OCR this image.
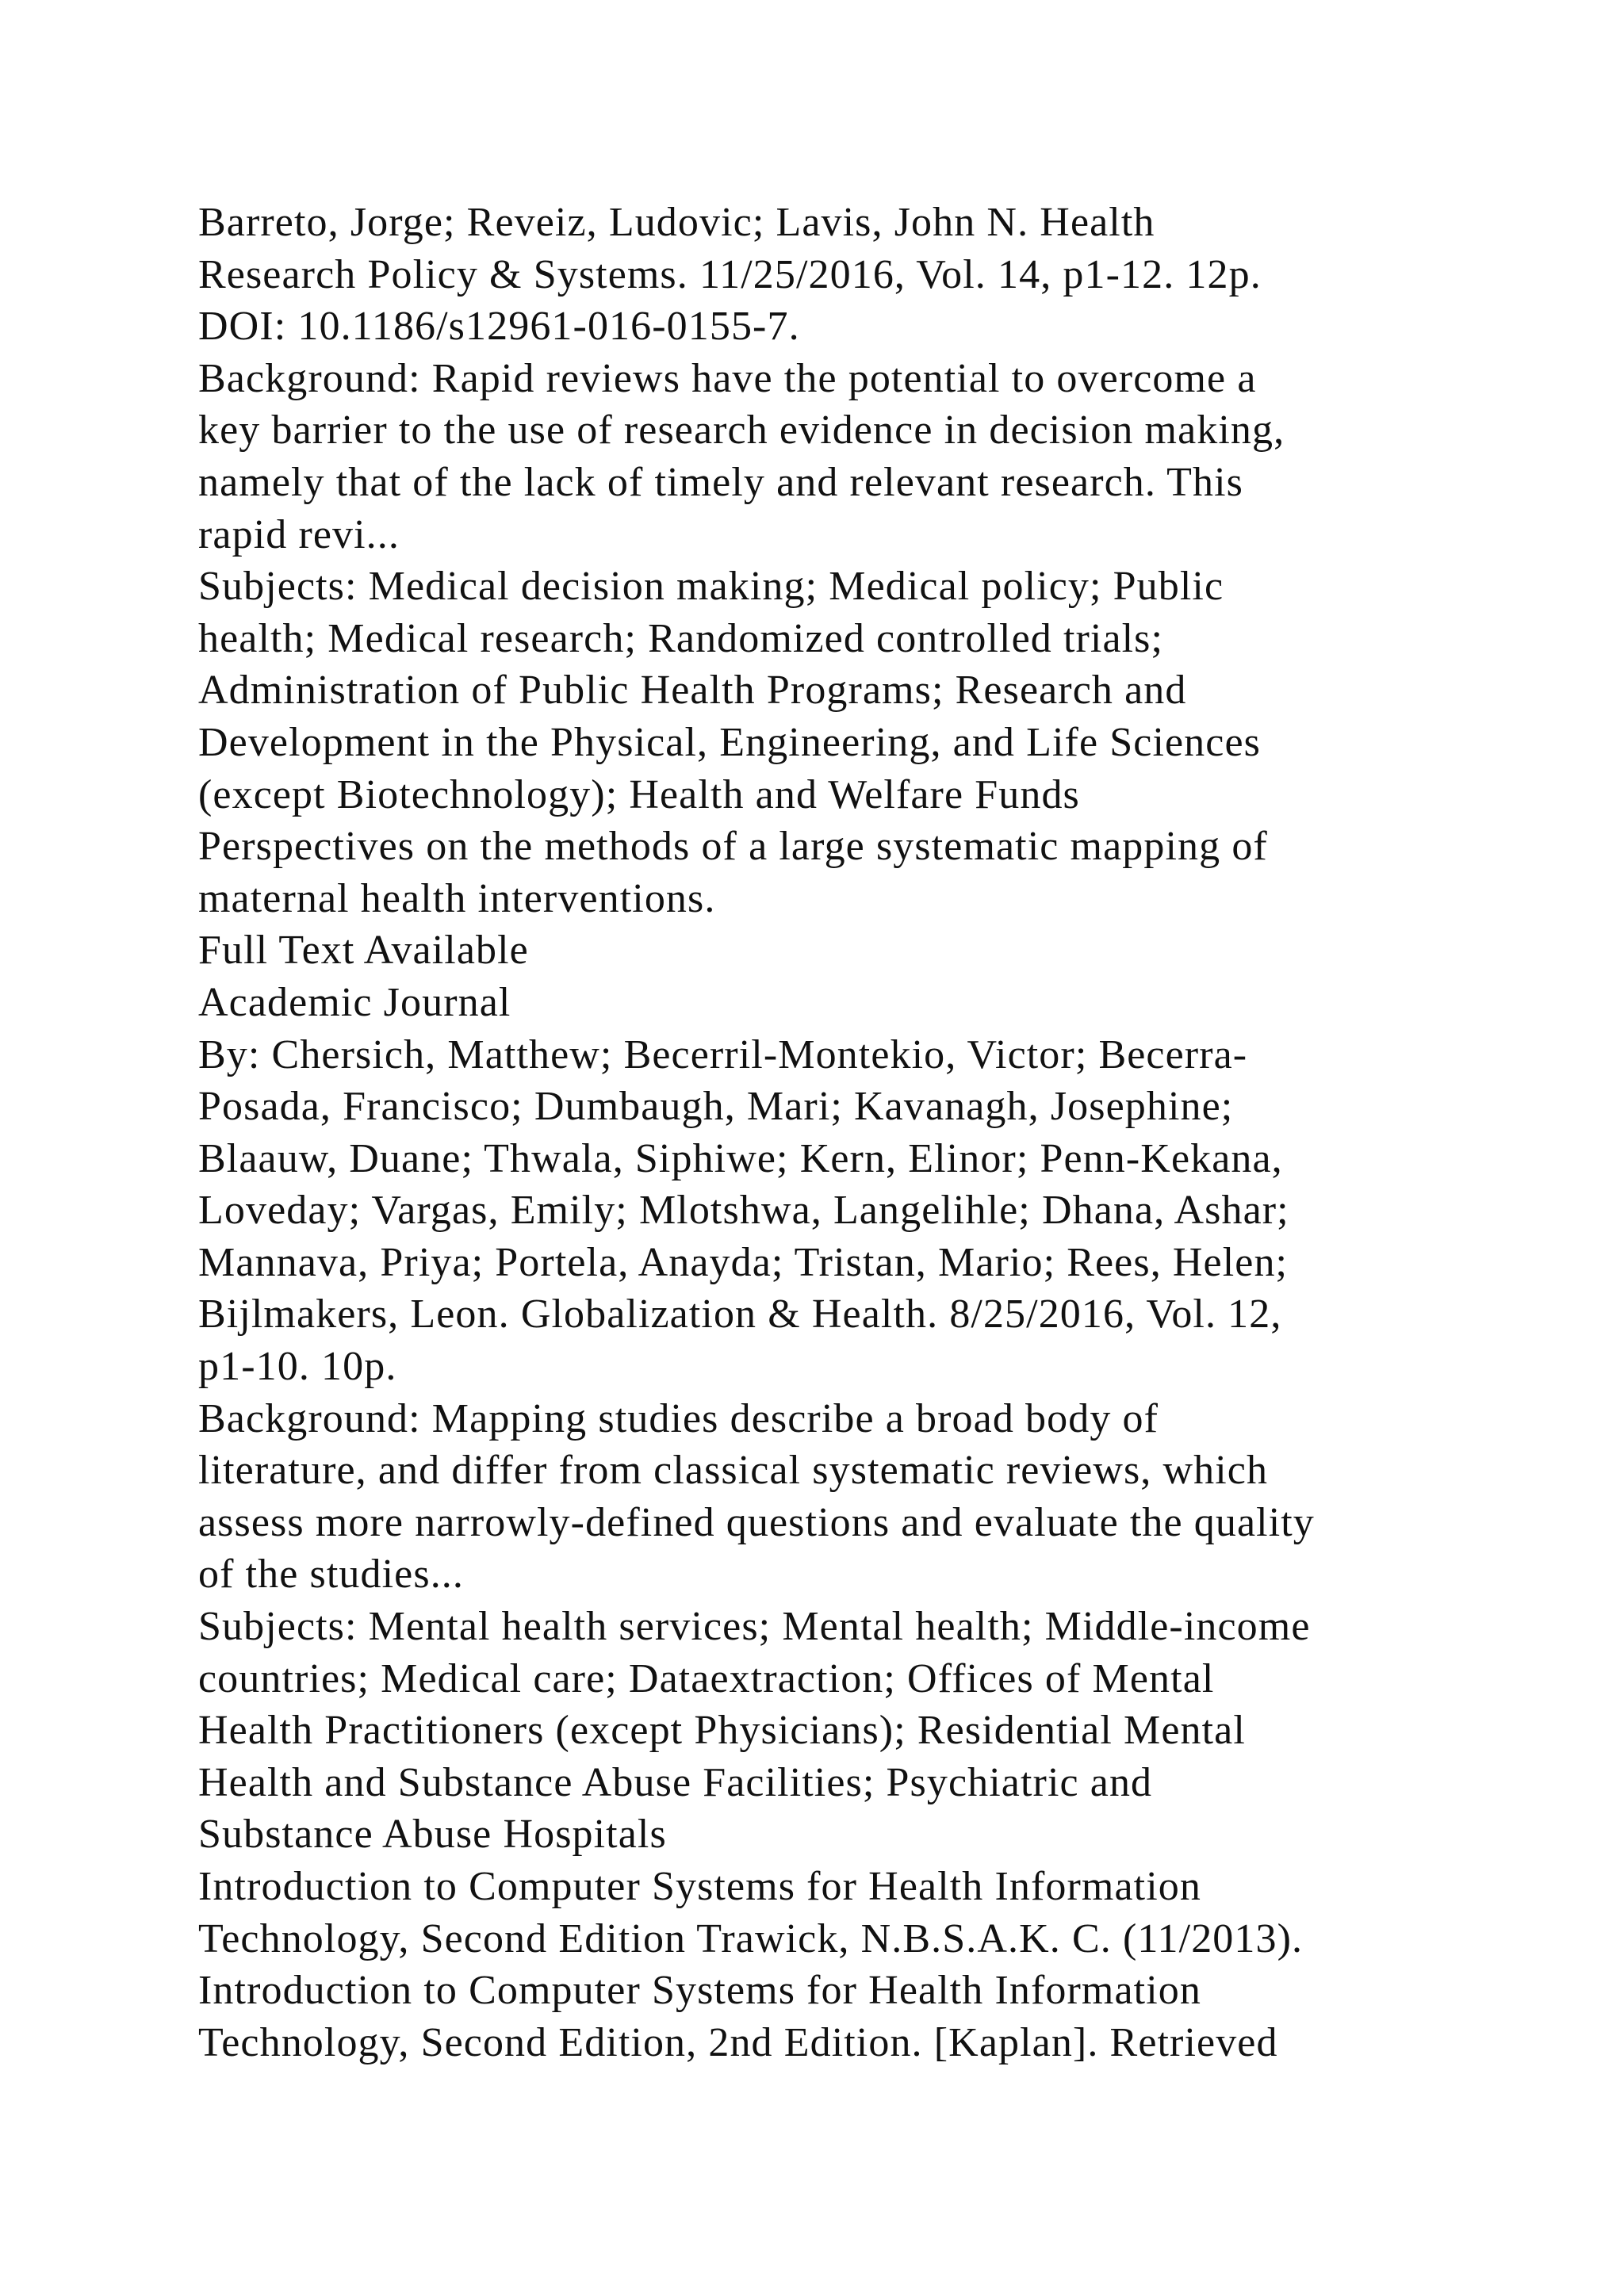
Barreto, Jorge; Reveiz, Ludovic; Lavis, John N. Health
Research Policy & Systems. 11/25/2016, Vol. 14, p1-12. 12p.
DOI: 10.1186/s12961-016-0155-7.
Background: Rapid reviews have the potential to overcome a
key barrier to the use of research evidence in decision making,
namely that of the lack of timely and relevant research. This
rapid revi...
Subjects: Medical decision making; Medical policy; Public
health; Medical research; Randomized controlled trials;
Administration of Public Health Programs; Research and
Development in the Physical, Engineering, and Life Sciences
(except Biotechnology); Health and Welfare Funds
Perspectives on the methods of a large systematic mapping of
maternal health interventions.
Full Text Available
Academic Journal
By: Chersich, Matthew; Becerril-Montekio, Victor; Becerra-
Posada, Francisco; Dumbaugh, Mari; Kavanagh, Josephine;
Blaauw, Duane; Thwala, Siphiwe; Kern, Elinor; Penn-Kekana,
Loveday; Vargas, Emily; Mlotshwa, Langelihle; Dhana, Ashar;
Mannava, Priya; Portela, Anayda; Tristan, Mario; Rees, Helen;
Bijlmakers, Leon. Globalization & Health. 8/25/2016, Vol. 12,
p1-10. 10p.
Background: Mapping studies describe a broad body of
literature, and differ from classical systematic reviews, which
assess more narrowly-defined questions and evaluate the quality
of the studies...
Subjects: Mental health services; Mental health; Middle-income
countries; Medical care; Dataextraction; Offices of Mental
Health Practitioners (except Physicians); Residential Mental
Health and Substance Abuse Facilities; Psychiatric and
Substance Abuse Hospitals
Introduction to Computer Systems for Health Information
Technology, Second Edition Trawick, N.B.S.A.K. C. (11/2013).
Introduction to Computer Systems for Health Information
Technology, Second Edition, 2nd Edition. [Kaplan]. Retrieved
